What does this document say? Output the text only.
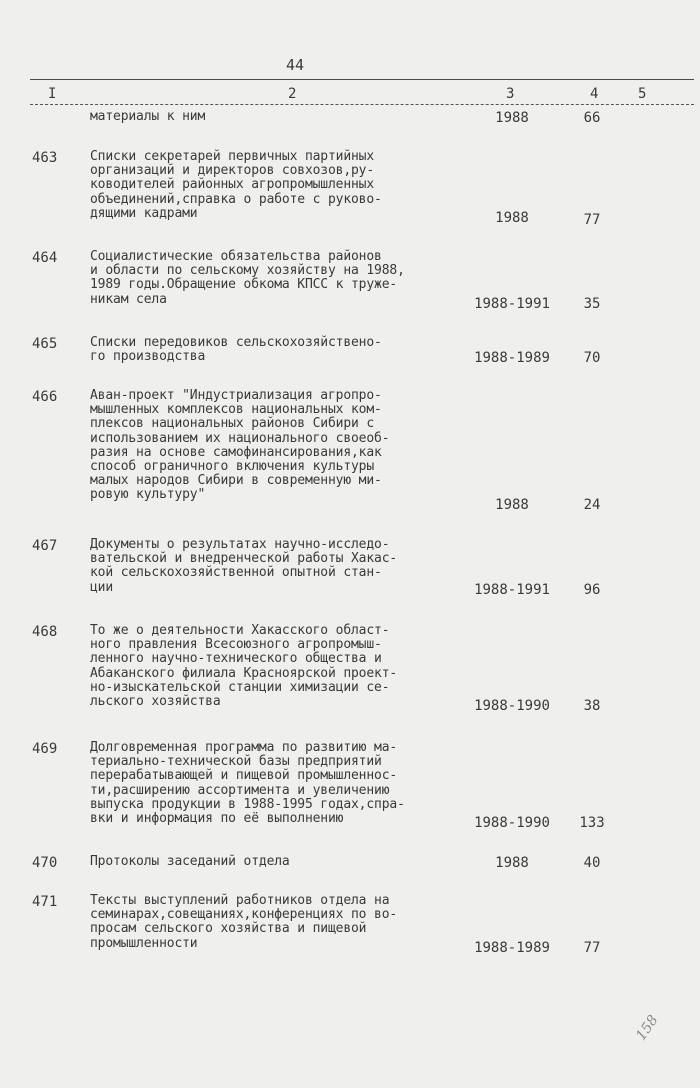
44
I	2	3	4	5
материалы к ним	1988	66
463	Списки секретарей первичных партийных
организаций и директоров совхозов,ру-
ководителей районных агропромышленных
объединений,справка о работе с руково-
дящими кадрами	1988	77
464	Социалистические обязательства районов
и области по сельскому хозяйству на 1988,
1989 годы.Обращение обкома КПСС к труже-
никам села	1988-1991	35
465	Списки передовиков сельскохозяйствено-
го производства	1988-1989	70
466	Аван-проект "Индустриализация агропро-
мышленных комплексов национальных ком-
плексов национальных районов Сибири с
использованием их национального своеоб-
разия на основе самофинансирования,как
способ ограничного включения культуры
малых народов Сибири в современную ми-
ровую культуру"
1988	24
467	Документы о результатах научно-исследо-
вательской и внедренческой работы Хакас-
кой сельскохозяйственной опытной стан-
ции	1988-1991	96
468	То же о деятельности Хакасского област-
ного правления Всесоюзного агропромыш-
ленного научно-технического общества и
Абаканского филиала Красноярской проект-
но-изыскательской станции химизации се-
льского хозяйства	1988-1990	38
469	Долговременная программа по развитию ма-
териально-технической базы предприятий
перерабатывающей и пищевой промышленнос-
ти,расширению ассортимента и увеличению
выпуска продукции в 1988-1995 годах,спра-
вки и информация по её выполнению	1988-1990	133
470	Протоколы заседаний отдела	1988	40
471	Тексты выступлений работников отдела на
семинарах,совещаниях,конференциях по во-
просам сельского хозяйства и пищевой
промышленности	1988-1989	77
158
